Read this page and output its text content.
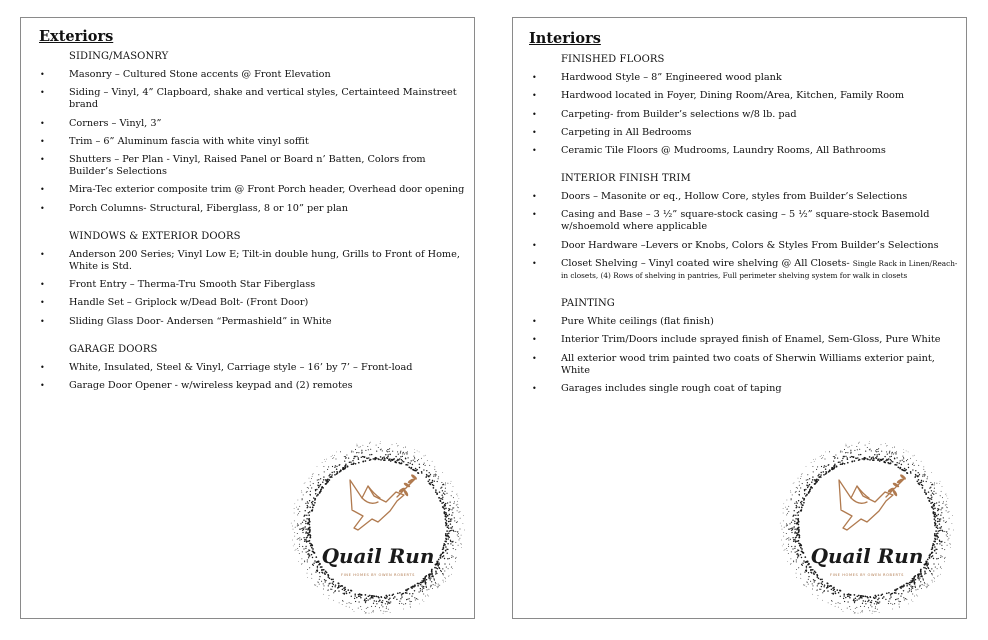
Exteriors
SIDING/MASONRY
•	Masonry – Cultured Stone accents @ Front Elevation
•	Siding – Vinyl, 4” Clapboard, shake and vertical styles, Certainteed Mainstreet brand
•	Corners – Vinyl, 3”
•	Trim – 6” Aluminum fascia with white vinyl soffit
•	Shutters – Per Plan - Vinyl, Raised Panel or Board n’ Batten, Colors from Builder’s Selections
•	Mira-Tec exterior composite trim @ Front Porch header, Overhead door opening
•	Porch Columns- Structural, Fiberglass, 8 or 10” per plan
WINDOWS & EXTERIOR DOORS
•	Anderson 200 Series; Vinyl Low E; Tilt-in double hung, Grills to Front of Home, White is Std.
•	Front Entry – Therma-Tru Smooth Star Fiberglass
•	Handle Set – Griplock w/Dead Bolt- (Front Door)
•	Sliding Glass Door- Andersen “Permashield” in White
GARAGE DOORS
•	White, Insulated, Steel & Vinyl, Carriage style – 16’ by 7’ – Front-load
•	Garage Door Opener - w/wireless keypad and (2) remotes
Quail Run
FINE HOMES BY OWEN ROBERTS
Interiors
FINISHED FLOORS
•	Hardwood Style – 8” Engineered wood plank
•	Hardwood located in Foyer, Dining Room/Area, Kitchen, Family Room
•	Carpeting- from Builder’s selections w/8 lb. pad
•	Carpeting in All Bedrooms
•	Ceramic Tile Floors @ Mudrooms, Laundry Rooms, All Bathrooms
INTERIOR FINISH TRIM
•	Doors – Masonite or eq., Hollow Core, styles from Builder’s Selections
•	Casing and Base – 3 ½” square-stock casing – 5 ½” square-stock Basemold w/shoemold where applicable
•	Door Hardware –Levers or Knobs, Colors & Styles From Builder’s Selections
•	Closet Shelving – Vinyl coated wire shelving @ All Closets- Single Rack in Linen/Reach-in closets, (4) Rows of shelving in pantries, Full perimeter shelving system for walk in closets
PAINTING
•	Pure White ceilings (flat finish)
•	Interior Trim/Doors include sprayed finish of Enamel, Sem-Gloss, Pure White
•	All exterior wood trim painted two coats of Sherwin Williams exterior paint, White
•	Garages includes single rough coat of taping
Quail Run
FINE HOMES BY OWEN ROBERTS
